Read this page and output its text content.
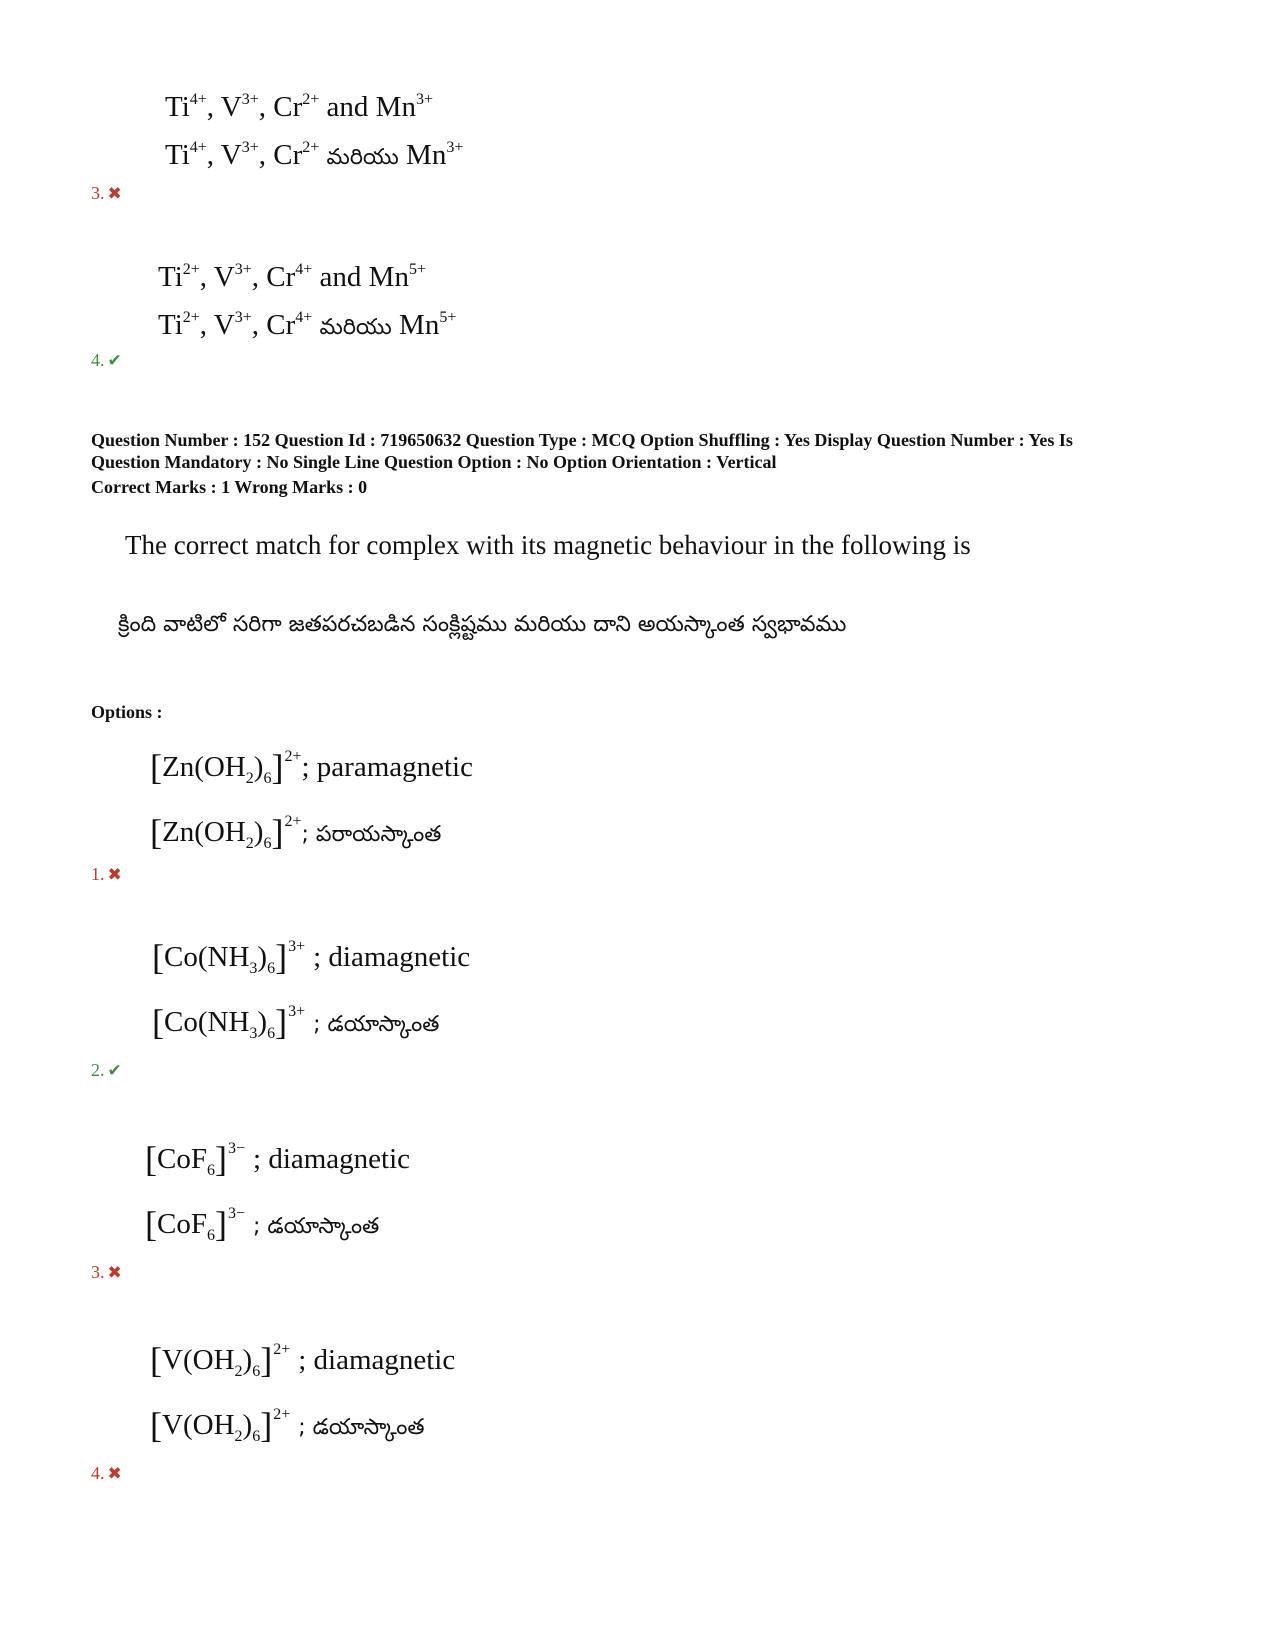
$Ti^{4+}$, $V^{3+}$, $Cr^{2+}$ and $Mn^{3+}$
$Ti^{4+}$, $V^{3+}$, $Cr^{2+}$ మరియు $Mn^{3+}$
3. ✖
$Ti^{2+}$, $V^{3+}$, $Cr^{4+}$ and $Mn^{5+}$
$Ti^{2+}$, $V^{3+}$, $Cr^{4+}$ మరియు $Mn^{5+}$
4. ✔
Question Number : 152 Question Id : 719650632 Question Type : MCQ Option Shuffling : Yes Display Question Number : Yes Is
Question Mandatory : No Single Line Question Option : No Option Orientation : Vertical
Correct Marks : 1 Wrong Marks : 0
The correct match for complex with its magnetic behaviour in the following is
క్రింది వాటిలో సరిగా జతపరచబడిన సంక్లిష్టము మరియు దాని అయస్కాంత స్వభావము
Options :
$[Zn(OH_2)_6]^{2+}$; paramagnetic
$[Zn(OH_2)_6]^{2+}$; పరాయస్కాంత
1. ✖
$[Co(NH_3)_6]^{3+}$ ; diamagnetic
$[Co(NH_3)_6]^{3+}$; డయాస్కాంత
2. ✔
$[CoF_6]^{3-}$ ; diamagnetic
$[CoF_6]^{3-}$; డయాస్కాంత
3. ✖
$[V(OH_2)_6]^{2+}$ ; diamagnetic
$[V(OH_2)_6]^{2+}$; డయాస్కాంత
4. ✖
